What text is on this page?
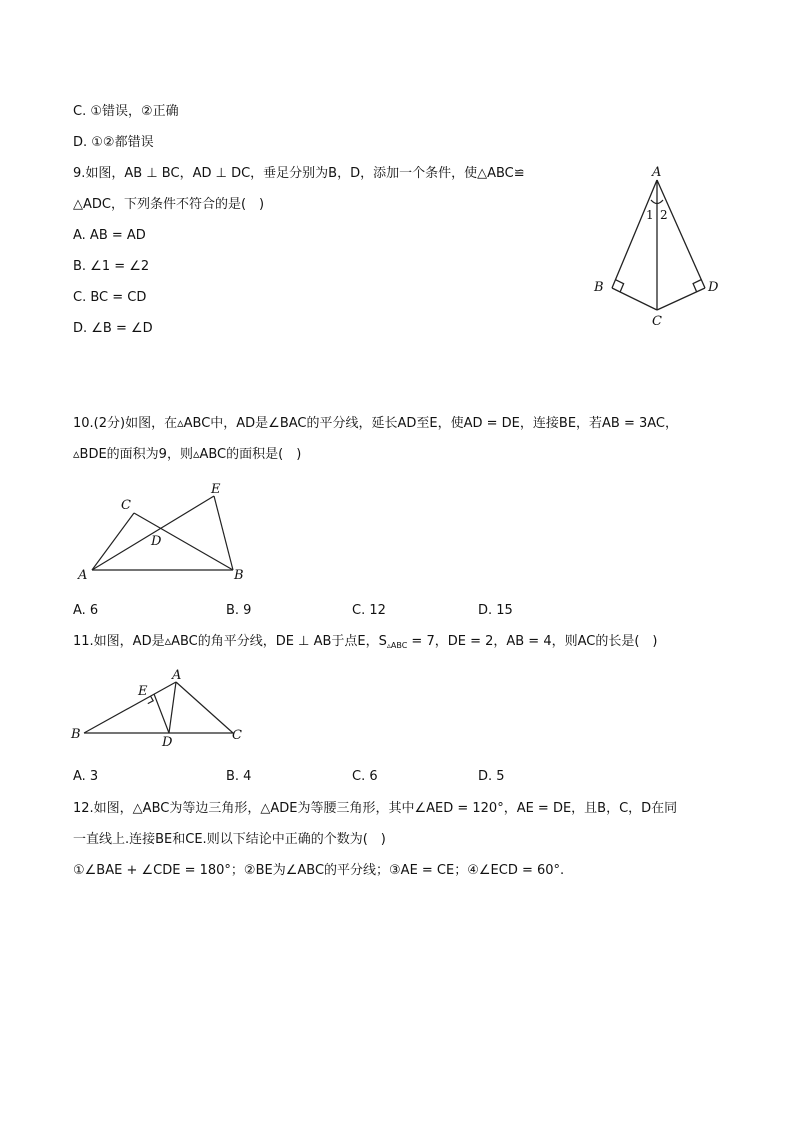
C. ①错误，②正确
D. ①②都错误
9.如图，AB ⊥ BC，AD ⊥ DC，垂足分别为B，D，添加一个条件，使△ABC≌
△ADC，下列条件不符合的是(　)
A. AB = AD
B. ∠1 = ∠2
C. BC = CD
D. ∠B = ∠D
A
B
C
D
1 2
10.(2分)如图，在▵ABC中，AD是∠BAC的平分线，延长AD至E，使AD = DE，连接BE，若AB = 3AC，
▵BDE的面积为9，则▵ABC的面积是(　)
A	B
C
D
E
A. 6	B. 9	C. 12	D. 15
11.如图，AD是▵ABC的角平分线，DE ⊥ AB于点E，$S_{▵ABC} = 7$，DE = 2，AB = 4，则AC的长是(　)
A
B	C
D
E
A. 3	B. 4	C. 6	D. 5
12.如图，△ABC为等边三角形，△ADE为等腰三角形，其中∠AED = 120°，AE = DE，且B，C，D在同
一直线上.连接BE和CE.则以下结论中正确的个数为(　)
①∠BAE + ∠CDE = 180°；②BE为∠ABC的平分线；③AE = CE；④∠ECD = 60°.
